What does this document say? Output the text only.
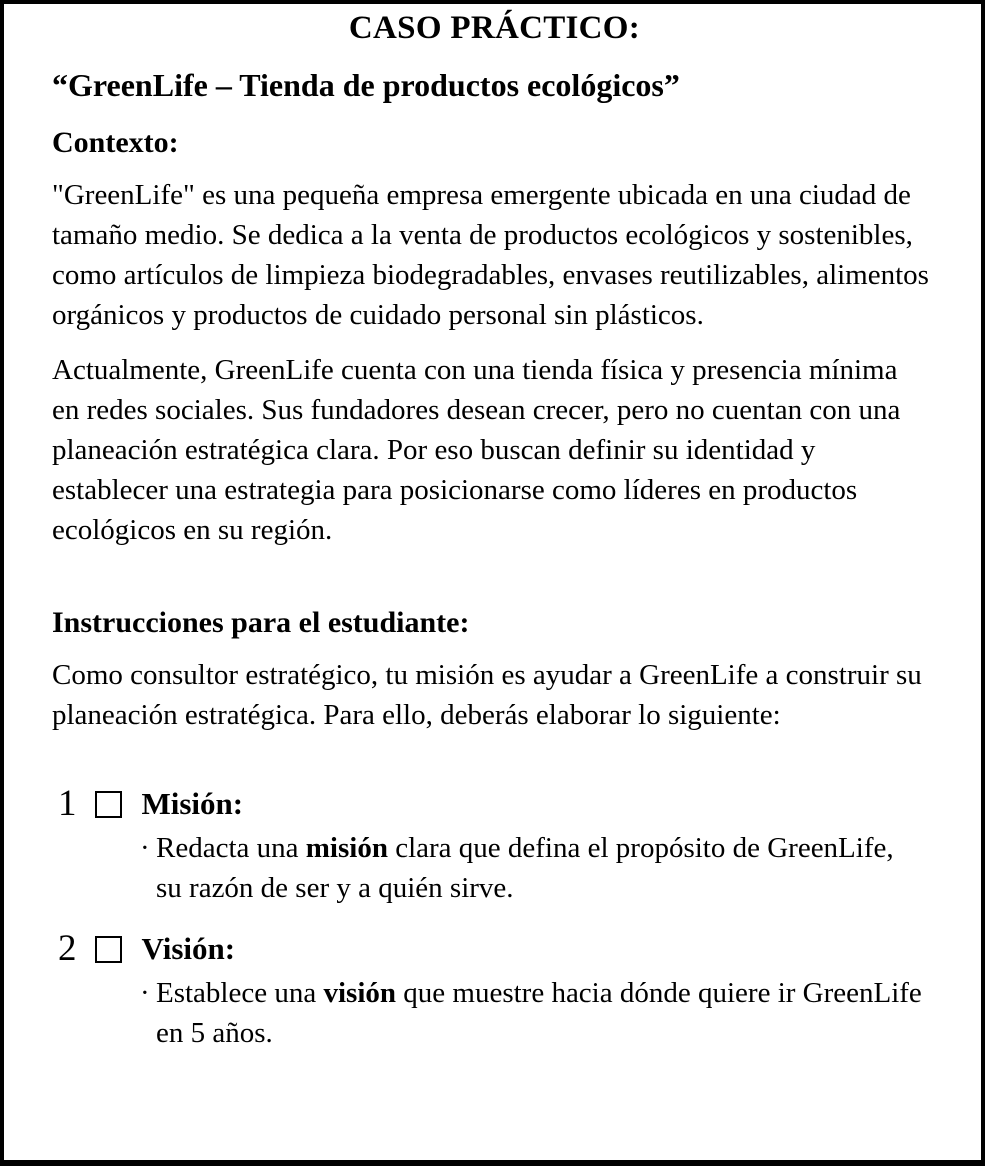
CASO PRÁCTICO:
“GreenLife – Tienda de productos ecológicos”
Contexto:

"GreenLife" es una pequeña empresa emergente ubicada en una ciudad de tamaño medio. Se dedica a la venta de productos ecológicos y sostenibles, como artículos de limpieza biodegradables, envases reutilizables, alimentos orgánicos y productos de cuidado personal sin plásticos.

Actualmente, GreenLife cuenta con una tienda física y presencia mínima en redes sociales. Sus fundadores desean crecer, pero no cuentan con una planeación estratégica clara. Por eso buscan definir su identidad y establecer una estrategia para posicionarse como líderes en productos ecológicos en su región.

Instrucciones para el estudiante:

Como consultor estratégico, tu misión es ayudar a GreenLife a construir su planeación estratégica. Para ello, deberás elaborar lo siguiente:

1 Misión:
· Redacta una misión clara que defina el propósito de GreenLife, su razón de ser y a quién sirve.
2 Visión:
· Establece una visión que muestre hacia dónde quiere ir GreenLife en 5 años.
